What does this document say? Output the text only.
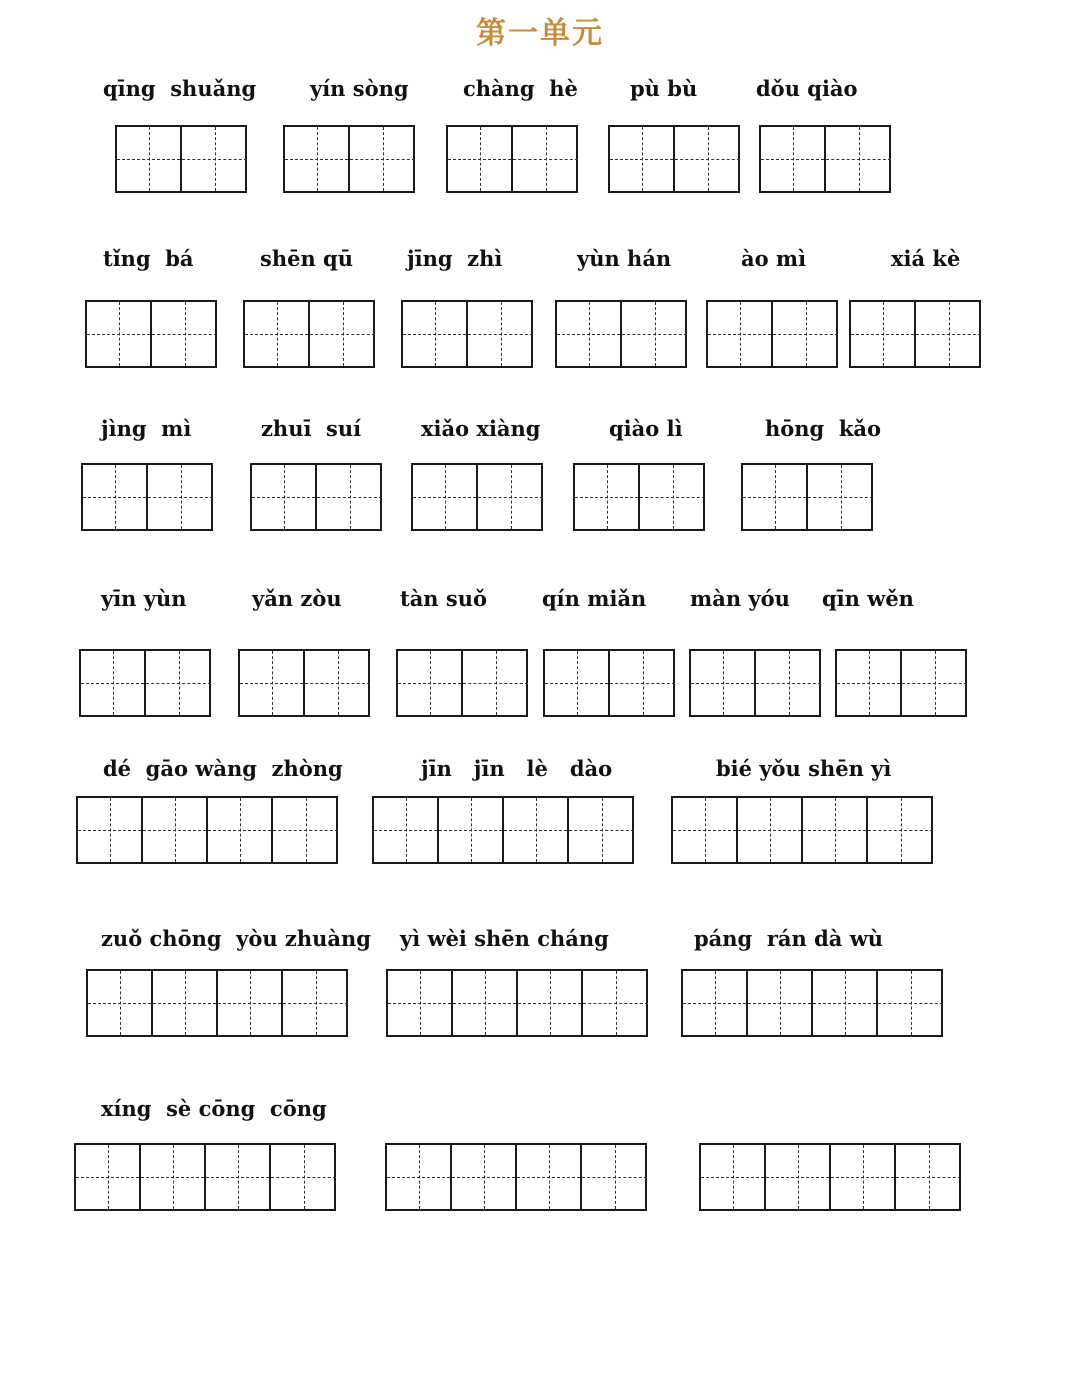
第一单元
qīng  shuǎng	yín sòng	chàng  hè pù bù	dǒu qiào
tǐng  bá	shēn qū	jīng  zhì	yùn hán	ào mì	xiá kè
jìng  mì	zhuī  suí	xiǎo xiàng	qiào lì	hōng  kǎo
yīn yùn	yǎn zòu	tàn suǒ	qín miǎn màn yóu qīn wěn
dé  gāo wàng  zhòng	jīn   jīn   lè   dào	bié yǒu shēn yì
zuǒ chōng  yòu zhuàng yì wèi shēn cháng	páng  rán dà wù
xíng  sè cōng  cōng
